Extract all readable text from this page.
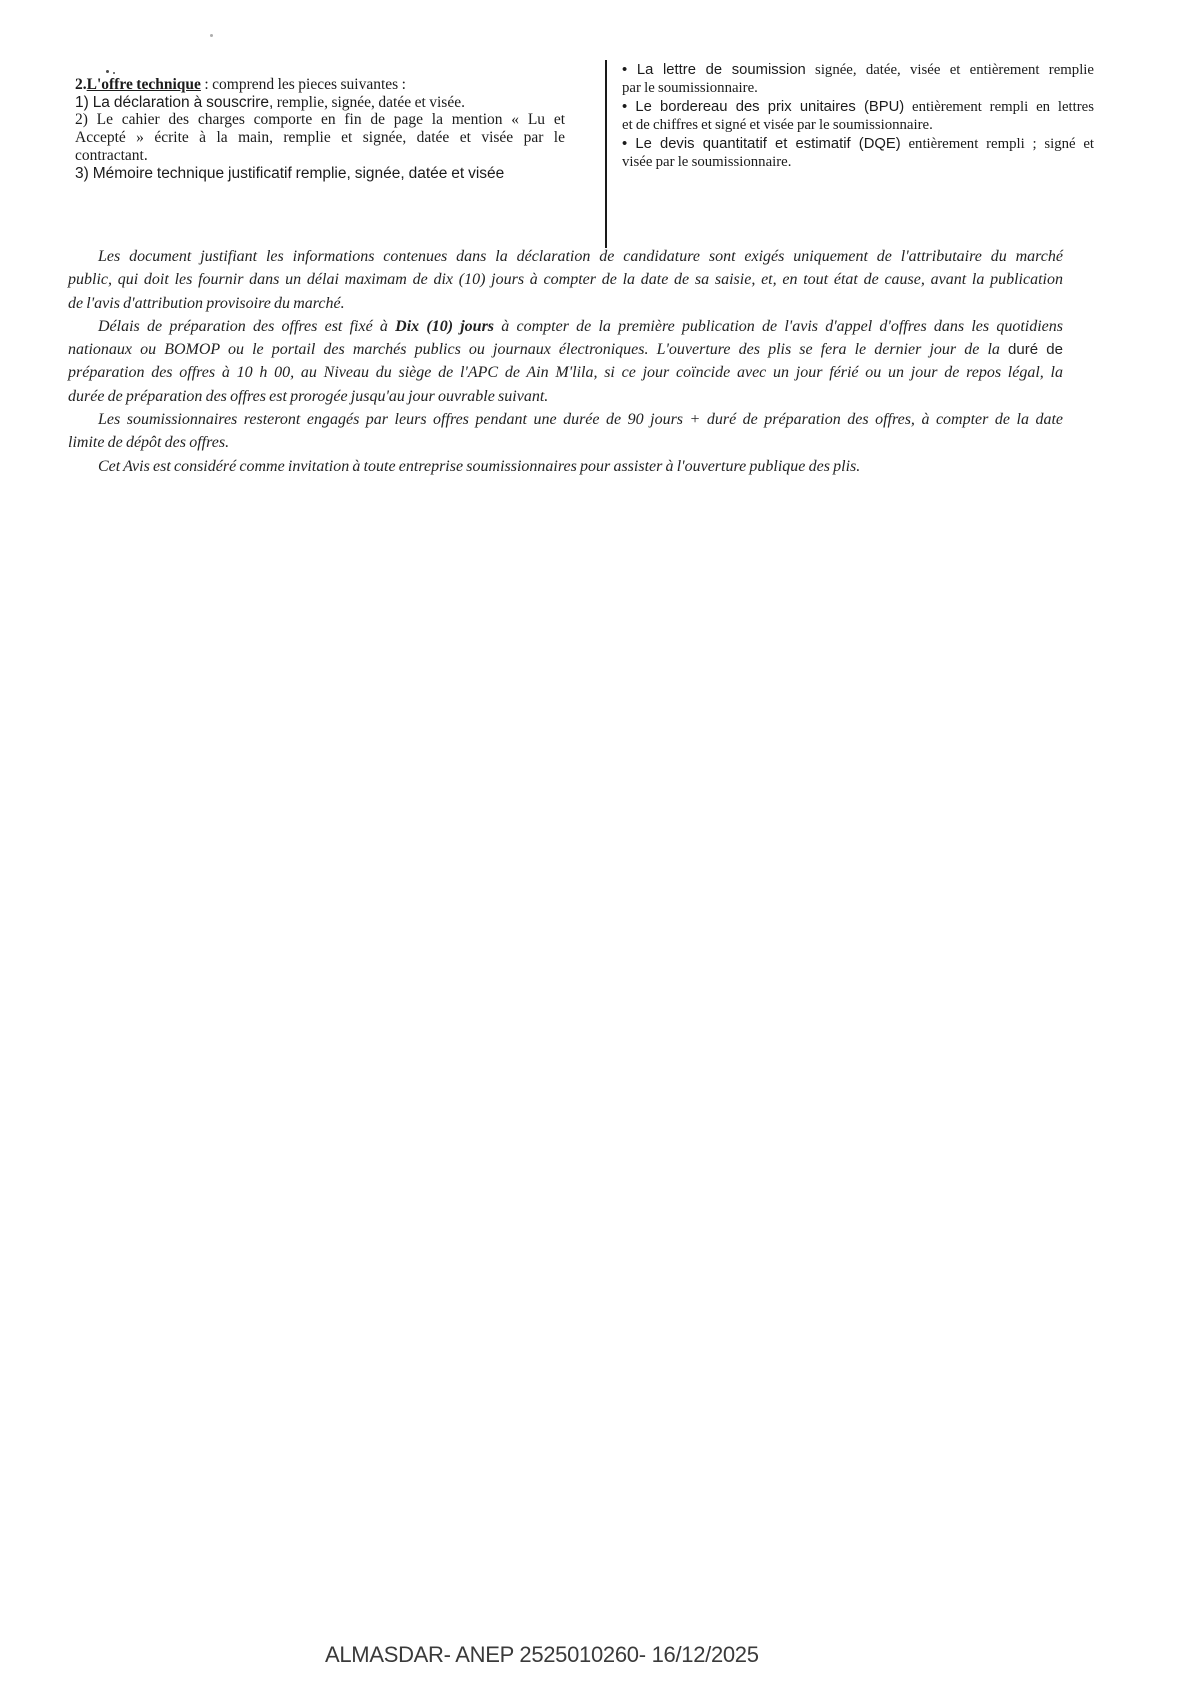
2.L'offre technique : comprend les pieces suivantes :
1) La déclaration à souscrire, remplie, signée, datée et visée.
2) Le cahier des charges comporte en fin de page la mention « Lu et
Accepté » écrite à la main, remplie et signée, datée et visée par le
contractant.
3) Mémoire technique justificatif remplie, signée, datée et visée
• La lettre de soumission signée, datée, visée et entièrement remplie
par le soumissionnaire.
• Le bordereau des prix unitaires (BPU) entièrement rempli en lettres
et de chiffres et signé et visée par le soumissionnaire.
• Le devis quantitatif et estimatif (DQE) entièrement rempli ; signé et
visée par le soumissionnaire.
Les document justifiant les informations contenues dans la déclaration de candidature sont exigés uniquement de l'attributaire du marché
public, qui doit les fournir dans un délai maximam de dix (10) jours à compter de la date de sa saisie, et, en tout état de cause, avant la publication
de l'avis d'attribution provisoire du marché.
Délais de préparation des offres est fixé à Dix (10) jours à compter de la première publication de l'avis d'appel d'offres dans les quotidiens
nationaux ou BOMOP ou le portail des marchés publics ou journaux électroniques. L'ouverture des plis se fera le dernier jour de la duré de
préparation des offres à 10 h 00, au Niveau du siège de l'APC de Ain M'lila, si ce jour coïncide avec un jour férié ou un jour de repos légal, la
durée de préparation des offres est prorogée jusqu'au jour ouvrable suivant.
Les soumissionnaires resteront engagés par leurs offres pendant une durée de 90 jours + duré de préparation des offres, à compter de la date
limite de dépôt des offres.
Cet Avis est considéré comme invitation à toute entreprise soumissionnaires pour assister à l'ouverture publique des plis.
ALMASDAR- ANEP 2525010260- 16/12/2025
